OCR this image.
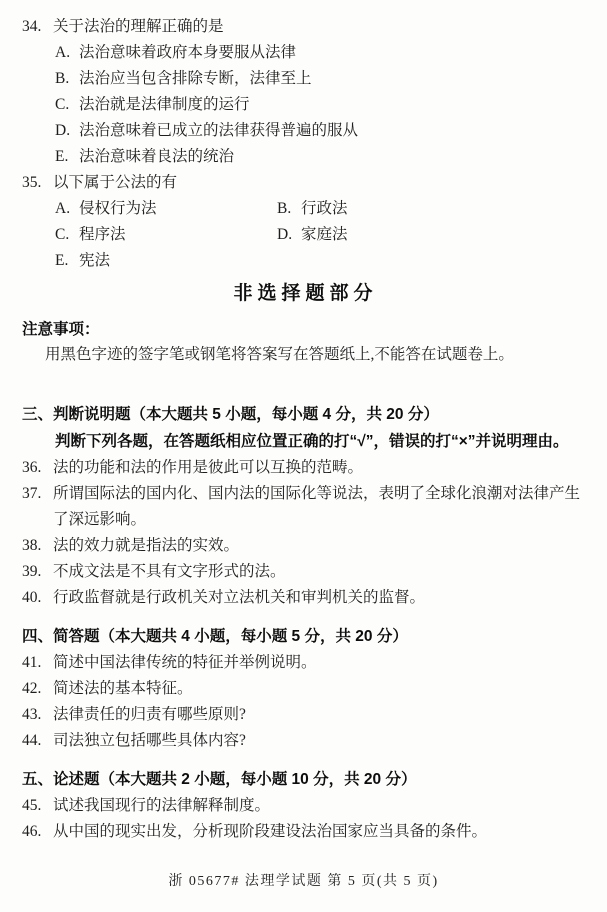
34. 关于法治的理解正确的是
A. 法治意味着政府本身要服从法律
B. 法治应当包含排除专断，法律至上
C. 法治就是法律制度的运行
D. 法治意味着已成立的法律获得普遍的服从
E. 法治意味着良法的统治
35. 以下属于公法的有
A. 侵权行为法	B. 行政法
C. 程序法	D. 家庭法
E. 宪法
非选择题部分
注意事项：
用黑色字迹的签字笔或钢笔将答案写在答题纸上,不能答在试题卷上。
三、判断说明题（本大题共 5 小题，每小题 4 分，共 20 分）
判断下列各题，在答题纸相应位置正确的打“√”，错误的打“×”并说明理由。
36. 法的功能和法的作用是彼此可以互换的范畴。
37. 所谓国际法的国内化、国内法的国际化等说法，表明了全球化浪潮对法律产生了深远影响。
38. 法的效力就是指法的实效。
39. 不成文法是不具有文字形式的法。
40. 行政监督就是行政机关对立法机关和审判机关的监督。
四、简答题（本大题共 4 小题，每小题 5 分，共 20 分）
41. 简述中国法律传统的特征并举例说明。
42. 简述法的基本特征。
43. 法律责任的归责有哪些原则?
44. 司法独立包括哪些具体内容?
五、论述题（本大题共 2 小题，每小题 10 分，共 20 分）
45. 试述我国现行的法律解释制度。
46. 从中国的现实出发，分析现阶段建设法治国家应当具备的条件。
浙 05677# 法理学试题 第 5 页(共 5 页)
